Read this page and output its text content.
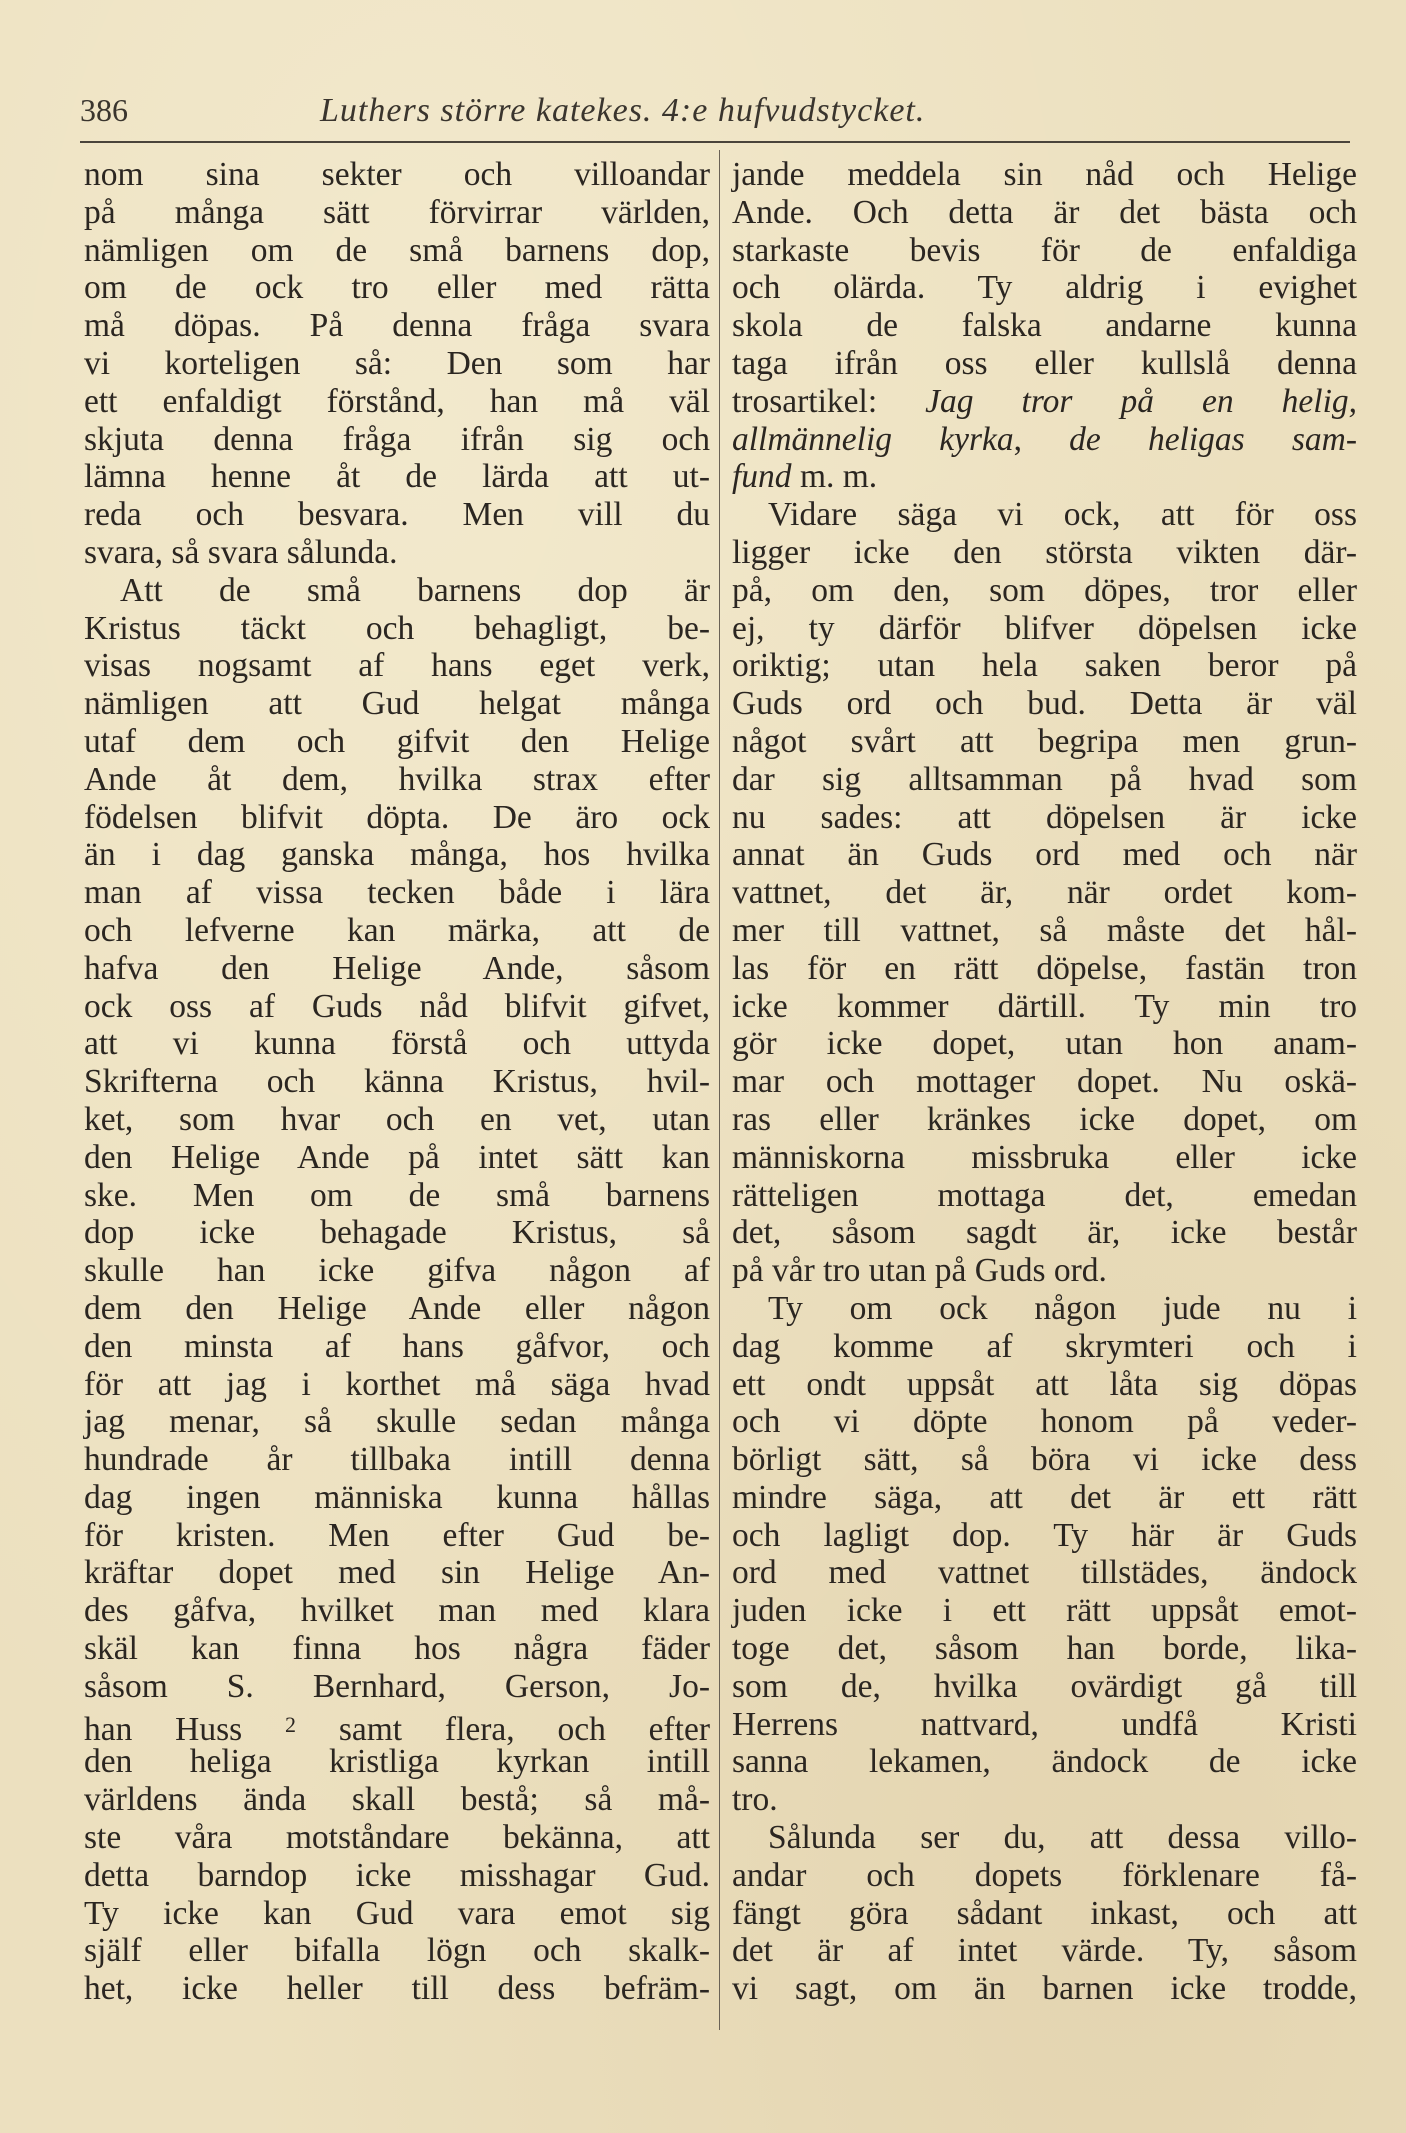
386	Luthers större katekes. 4:e hufvudstycket.
nom sina sekter och villoandar
på många sätt förvirrar världen,
nämligen om de små barnens dop,
om de ock tro eller med rätta
må döpas. På denna fråga svara
vi korteligen så: Den som har
ett enfaldigt förstånd, han må väl
skjuta denna fråga ifrån sig och
lämna henne åt de lärda att ut-
reda och besvara. Men vill du
svara, så svara sålunda.
Att de små barnens dop är
Kristus täckt och behagligt, be-
visas nogsamt af hans eget verk,
nämligen att Gud helgat många
utaf dem och gifvit den Helige
Ande åt dem, hvilka strax efter
födelsen blifvit döpta. De äro ock
än i dag ganska många, hos hvilka
man af vissa tecken både i lära
och lefverne kan märka, att de
hafva den Helige Ande, såsom
ock oss af Guds nåd blifvit gifvet,
att vi kunna förstå och uttyda
Skrifterna och känna Kristus, hvil-
ket, som hvar och en vet, utan
den Helige Ande på intet sätt kan
ske. Men om de små barnens
dop icke behagade Kristus, så
skulle han icke gifva någon af
dem den Helige Ande eller någon
den minsta af hans gåfvor, och
för att jag i korthet må säga hvad
jag menar, så skulle sedan många
hundrade år tillbaka intill denna
dag ingen människa kunna hållas
för kristen. Men efter Gud be-
kräftar dopet med sin Helige An-
des gåfva, hvilket man med klara
skäl kan finna hos några fäder
såsom S. Bernhard, Gerson, Jo-
han Huss $^2$ samt flera, och efter
den heliga kristliga kyrkan intill
världens ända skall bestå; så må-
ste våra motståndare bekänna, att
detta barndop icke misshagar Gud.
Ty icke kan Gud vara emot sig
själf eller bifalla lögn och skalk-
het, icke heller till dess befräm-
jande meddela sin nåd och Helige
Ande. Och detta är det bästa och
starkaste bevis för de enfaldiga
och olärda. Ty aldrig i evighet
skola de falska andarne kunna
taga ifrån oss eller kullslå denna
trosartikel: Jag tror på en helig,
allmännelig kyrka, de heligas sam-
fund m. m.
Vidare säga vi ock, att för oss
ligger icke den största vikten där-
på, om den, som döpes, tror eller
ej, ty därför blifver döpelsen icke
oriktig; utan hela saken beror på
Guds ord och bud. Detta är väl
något svårt att begripa men grun-
dar sig alltsamman på hvad som
nu sades: att döpelsen är icke
annat än Guds ord med och när
vattnet, det är, när ordet kom-
mer till vattnet, så måste det hål-
las för en rätt döpelse, fastän tron
icke kommer därtill. Ty min tro
gör icke dopet, utan hon anam-
mar och mottager dopet. Nu oskä-
ras eller kränkes icke dopet, om
människorna missbruka eller icke
rätteligen mottaga det, emedan
det, såsom sagdt är, icke består
på vår tro utan på Guds ord.
Ty om ock någon jude nu i
dag komme af skrymteri och i
ett ondt uppsåt att låta sig döpas
och vi döpte honom på veder-
börligt sätt, så böra vi icke dess
mindre säga, att det är ett rätt
och lagligt dop. Ty här är Guds
ord med vattnet tillstädes, ändock
juden icke i ett rätt uppsåt emot-
toge det, såsom han borde, lika-
som de, hvilka ovärdigt gå till
Herrens nattvard, undfå Kristi
sanna lekamen, ändock de icke
tro.
Sålunda ser du, att dessa villo-
andar och dopets förklenare få-
fängt göra sådant inkast, och att
det är af intet värde. Ty, såsom
vi sagt, om än barnen icke trodde,
